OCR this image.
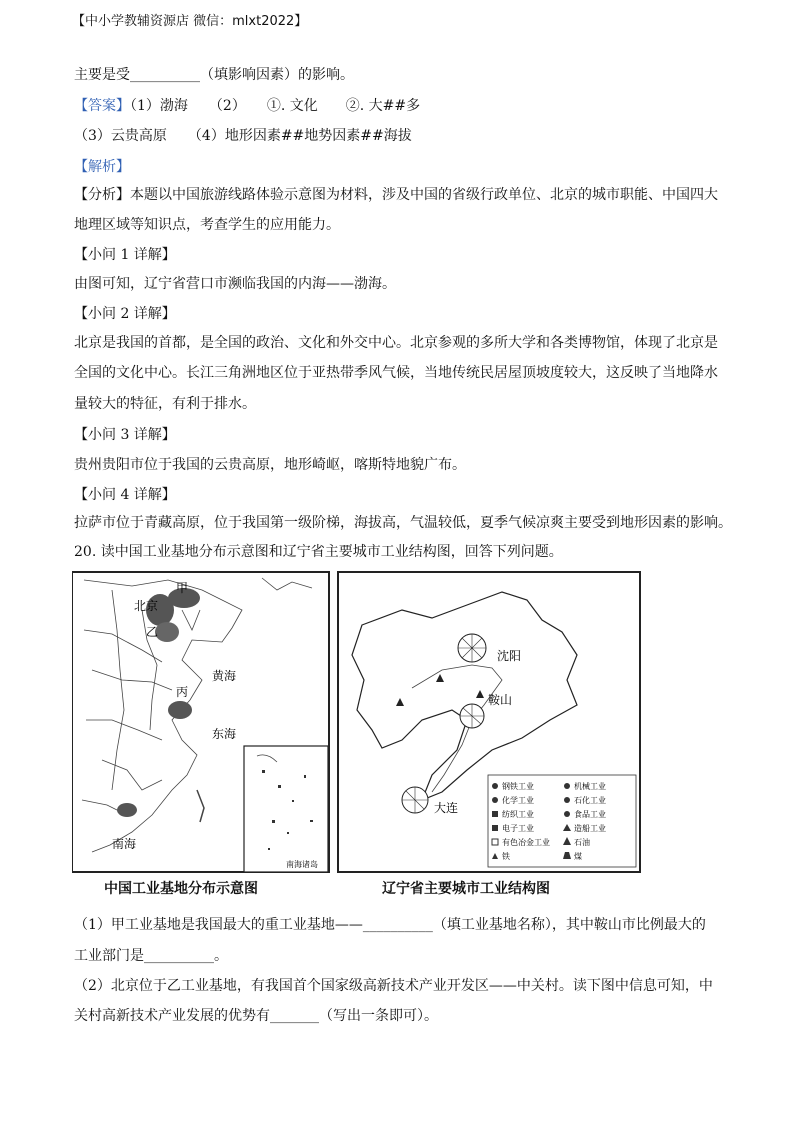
【中小学教辅资源店 微信：mlxt2022】
主要是受__________（填影响因素）的影响。
【答案】（1）渤海　　（2）　　①. 文化　　②. 大##多
（3）云贵高原　　（4）地形因素##地势因素##海拔
【解析】
【分析】本题以中国旅游线路体验示意图为材料，涉及中国的省级行政单位、北京的城市职能、中国四大
地理区域等知识点，考查学生的应用能力。
【小问 1 详解】
由图可知，辽宁省营口市濒临我国的内海——渤海。
【小问 2 详解】
北京是我国的首都，是全国的政治、文化和外交中心。北京参观的多所大学和各类博物馆，体现了北京是
全国的文化中心。长江三角洲地区位于亚热带季风气候，当地传统民居屋顶坡度较大，这反映了当地降水
量较大的特征，有利于排水。
【小问 3 详解】
贵州贵阳市位于我国的云贵高原，地形崎岖，喀斯特地貌广布。
【小问 4 详解】
拉萨市位于青藏高原，位于我国第一级阶梯，海拔高，气温较低，夏季气候凉爽主要受到地形因素的影响。
20. 读中国工业基地分布示意图和辽宁省主要城市工业结构图，回答下列问题。
甲
北京
乙
黄海
丙
东海
南海
南海诸岛
沈阳
鞍山
大连
钢铁工业	机械工业
化学工业	石化工业
纺织工业	食品工业
电子工业	造船工业
有色冶金工业	石油
铁	煤
中国工业基地分布示意图	辽宁省主要城市工业结构图
（1）甲工业基地是我国最大的重工业基地——__________（填工业基地名称），其中鞍山市比例最大的
工业部门是__________。
（2）北京位于乙工业基地，有我国首个国家级高新技术产业开发区——中关村。读下图中信息可知，中
关村高新技术产业发展的优势有_______（写出一条即可）。
